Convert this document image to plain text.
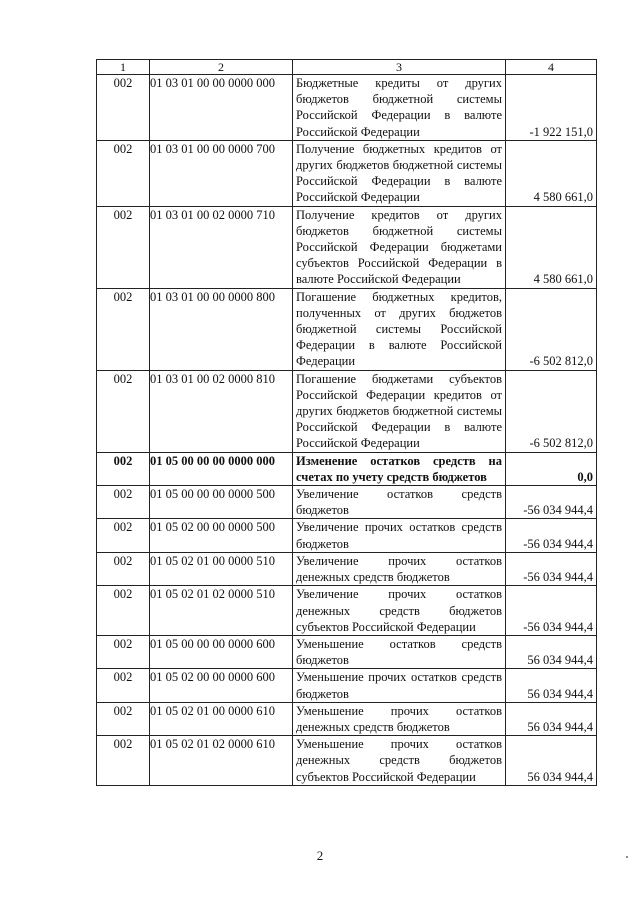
1	2	3	4
002	01 03 01 00 00 0000 000	Бюджетные кредиты от других бюджетов бюджетной системы Российской Федерации в валюте Российской Федерации	-1 922 151,0
002	01 03 01 00 00 0000 700	Получение бюджетных кредитов от других бюджетов бюджетной системы Российской Федерации в валюте Российской Федерации	4 580 661,0
002	01 03 01 00 02 0000 710	Получение кредитов от других бюджетов бюджетной системы Российской Федерации бюджетами субъектов Российской Федерации в валюте Российской Федерации	4 580 661,0
002	01 03 01 00 00 0000 800	Погашение бюджетных кредитов, полученных от других бюджетов бюджетной системы Российской Федерации в валюте Российской Федерации	-6 502 812,0
002	01 03 01 00 02 0000 810	Погашение бюджетами субъектов Российской Федерации кредитов от других бюджетов бюджетной системы Российской Федерации в валюте Российской Федерации	-6 502 812,0
002	01 05 00 00 00 0000 000	Изменение остатков средств на счетах по учету средств бюджетов	0,0
002	01 05 00 00 00 0000 500	Увеличение остатков средств бюджетов	-56 034 944,4
002	01 05 02 00 00 0000 500	Увеличение прочих остатков средств бюджетов	-56 034 944,4
002	01 05 02 01 00 0000 510	Увеличение прочих остатков денежных средств бюджетов	-56 034 944,4
002	01 05 02 01 02 0000 510	Увеличение прочих остатков денежных средств бюджетов субъектов Российской Федерации	-56 034 944,4
002	01 05 00 00 00 0000 600	Уменьшение остатков средств бюджетов	56 034 944,4
002	01 05 02 00 00 0000 600	Уменьшение прочих остатков средств бюджетов	56 034 944,4
002	01 05 02 01 00 0000 610	Уменьшение прочих остатков денежных средств бюджетов	56 034 944,4
002	01 05 02 01 02 0000 610	Уменьшение прочих остатков денежных средств бюджетов субъектов Российской Федерации	56 034 944,4
2
